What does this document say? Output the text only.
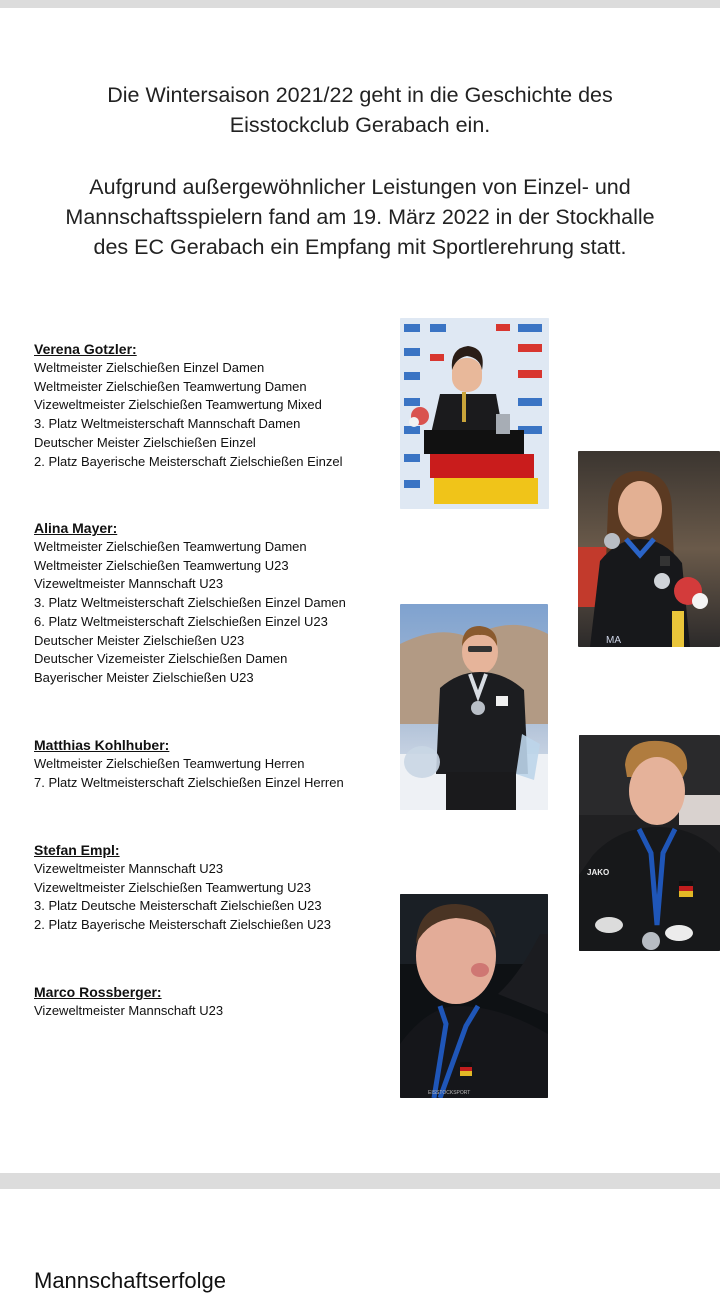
Die Wintersaison 2021/22 geht in die Geschichte des
Eisstockclub Gerabach ein.
Aufgrund außergewöhnlicher Leistungen von Einzel- und
Mannschaftsspielern fand am 19. März 2022 in der Stockhalle
des EC Gerabach ein Empfang mit Sportlerehrung statt.
Verena Gotzler:
Weltmeister Zielschießen Einzel Damen
Weltmeister Zielschießen Teamwertung Damen
Vizeweltmeister Zielschießen Teamwertung Mixed
3. Platz Weltmeisterschaft Mannschaft Damen
Deutscher Meister Zielschießen Einzel
2. Platz Bayerische Meisterschaft Zielschießen Einzel
Alina Mayer:
Weltmeister Zielschießen Teamwertung Damen
Weltmeister Zielschießen Teamwertung U23
Vizeweltmeister Mannschaft U23
3. Platz Weltmeisterschaft Zielschießen Einzel Damen
6. Platz Weltmeisterschaft Zielschießen Einzel U23
Deutscher Meister Zielschießen U23
Deutscher Vizemeister Zielschießen Damen
Bayerischer Meister Zielschießen U23
Matthias Kohlhuber:
Weltmeister Zielschießen Teamwertung Herren
7. Platz Weltmeisterschaft Zielschießen Einzel Herren
Stefan Empl:
Vizeweltmeister Mannschaft U23
Vizeweltmeister Zielschießen Teamwertung U23
3. Platz Deutsche Meisterschaft Zielschießen U23
2. Platz Bayerische Meisterschaft Zielschießen U23
Marco Rossberger:
Vizeweltmeister Mannschaft U23
MA
JAKO
EISSTOCKSPORT
Mannschaftserfolge
